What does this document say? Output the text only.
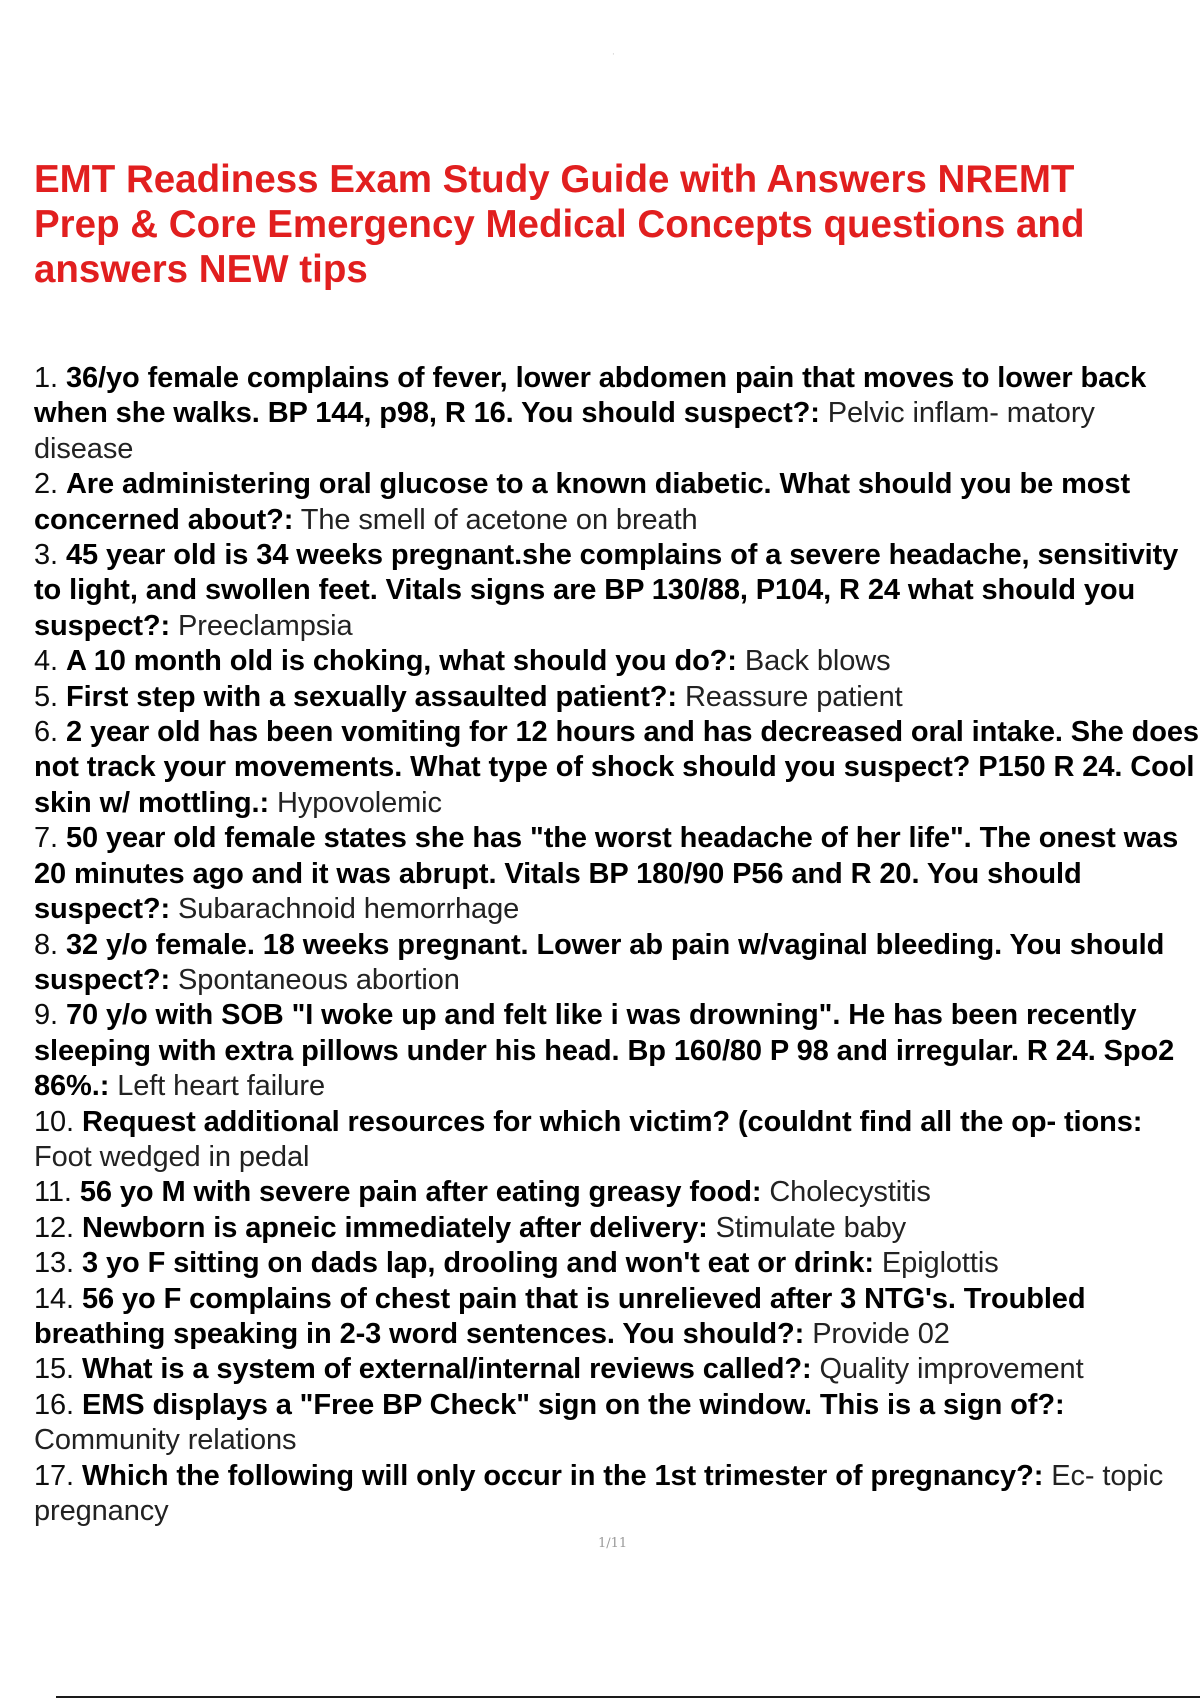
·
EMT Readiness Exam Study Guide with Answers NREMT Prep & Core Emergency Medical Concepts questions and answers NEW tips
1. 36/yo female complains of fever, lower abdomen pain that moves to lower back when she walks. BP 144, p98, R 16. You should suspect?: Pelvic inflam- matory disease
2. Are administering oral glucose to a known diabetic. What should you be most concerned about?: The smell of acetone on breath
3. 45 year old is 34 weeks pregnant.she complains of a severe headache, sensitivity to light, and swollen feet. Vitals signs are BP 130/88, P104, R 24 what should you suspect?: Preeclampsia
4. A 10 month old is choking, what should you do?: Back blows
5. First step with a sexually assaulted patient?: Reassure patient
6. 2 year old has been vomiting for 12 hours and has decreased oral intake. She does not track your movements. What type of shock should you suspect? P150 R 24. Cool skin w/ mottling.: Hypovolemic
7. 50 year old female states she has "the worst headache of her life". The onest was 20 minutes ago and it was abrupt. Vitals BP 180/90 P56 and R 20. You should suspect?: Subarachnoid hemorrhage
8. 32 y/o female. 18 weeks pregnant. Lower ab pain w/vaginal bleeding. You should suspect?: Spontaneous abortion
9. 70 y/o with SOB "I woke up and felt like i was drowning". He has been recently sleeping with extra pillows under his head. Bp 160/80 P 98 and irregular. R 24. Spo2 86%.: Left heart failure
10. Request additional resources for which victim? (couldnt find all the op- tions: Foot wedged in pedal
11. 56 yo M with severe pain after eating greasy food: Cholecystitis
12. Newborn is apneic immediately after delivery: Stimulate baby
13. 3 yo F sitting on dads lap, drooling and won't eat or drink: Epiglottis
14. 56 yo F complains of chest pain that is unrelieved after 3 NTG's. Troubled breathing speaking in 2-3 word sentences. You should?: Provide 02
15. What is a system of external/internal reviews called?: Quality improvement
16. EMS displays a "Free BP Check" sign on the window. This is a sign of?: Community relations
17. Which the following will only occur in the 1st trimester of pregnancy?: Ec- topic pregnancy
1/11
